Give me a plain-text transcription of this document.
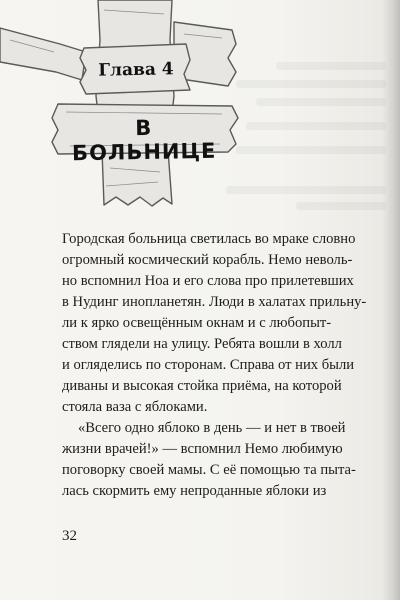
Глава 4
В БОЛЬНИЦЕ
Городская больница светилась во мраке словно
огромный космический корабль. Немо неволь-
но вспомнил Ноа и его слова про прилетевших
в Нудинг инопланетян. Люди в халатах прильну-
ли к ярко освещённым окнам и с любопыт-
ством глядели на улицу. Ребята вошли в холл
и огляделись по сторонам. Справа от них были
диваны и высокая стойка приёма, на которой
стояла ваза с яблоками.
«Всего одно яблоко в день — и нет в твоей
жизни врачей!» — вспомнил Немо любимую
поговорку своей мамы. С её помощью та пыта-
лась скормить ему непроданные яблоки из
32
